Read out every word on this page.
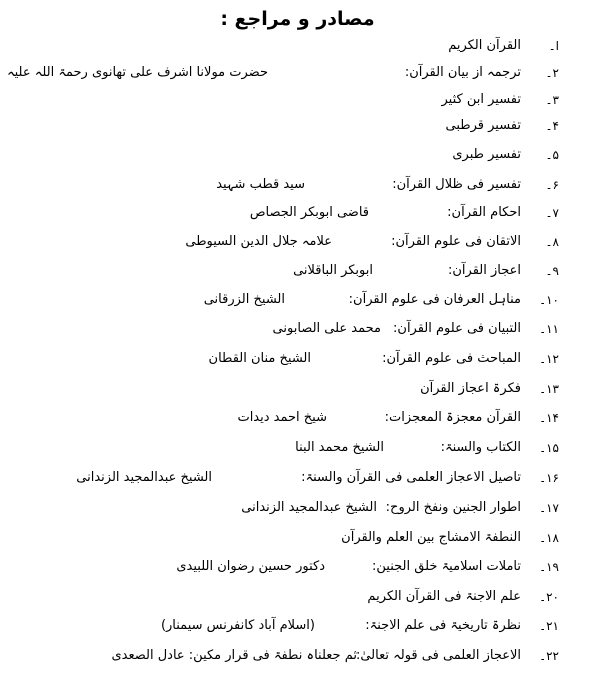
مصادر و مراجع :
ا۔
القرآن الکریم
۲۔
ترجمہ از بیان القرآن:
حضرت مولانا اشرف علی تھانوی رحمۃ اللہ علیہ
۳۔
تفسیر ابن کثیر
۴۔
تفسیر قرطبی
۵۔
تفسیر طبری
۶۔
تفسیر فی ظلال القرآن:
سید قطب شہید
۷۔
احکام القرآن:
قاضی ابوبکر الجصاص
۸۔
الاتقان فی علوم القرآن:
علامہ جلال الدین السیوطی
۹۔
اعجاز القرآن:
ابوبکر الباقلانی
۱۰۔
مناہل العرفان فی علوم القرآن:
الشیخ الزرقانی
۱۱۔
التبیان فی علوم القرآن:
محمد علی الصابونی
۱۲۔
المباحث فی علوم القرآن:
الشیخ منان القطان
۱۳۔
فکرۃ اعجاز القرآن
۱۴۔
القرآن معجزۃ المعجزات:
شیخ احمد دیدات
۱۵۔
الکتاب والسنۃ:
الشیخ محمد البنا
۱۶۔
تاصیل الاعجاز العلمی فی القرآن والسنۃ:
الشیخ عبدالمجید الزندانی
۱۷۔
اطوار الجنین ونفخ الروح:
الشیخ عبدالمجید الزندانی
۱۸۔
النطفۃ الامشاج بین العلم والقرآن
۱۹۔
تاملات اسلامیۃ خلق الجنین:
دکتور حسین رضوان اللبیدی
۲۰۔
علم الاجنۃ فی القرآن الکریم
۲۱۔
نظرۃ تاریخیۃ فی علم الاجنۃ:
(اسلام آباد کانفرنس سیمنار)
۲۲۔
الاعجاز العلمی فی قولہ تعالیٰ:
ثم جعلناہ نطفۃ فی قرار مکین: عادل الصعدی
